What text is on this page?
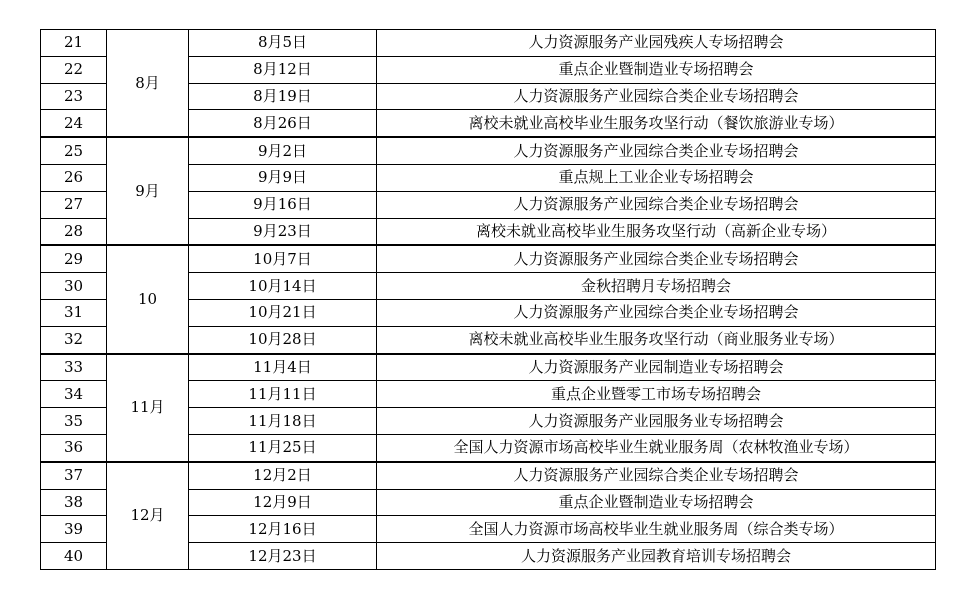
21	8月	8月5日	人力资源服务产业园残疾人专场招聘会
22		8月12日	重点企业暨制造业专场招聘会
23		8月19日	人力资源服务产业园综合类企业专场招聘会
24		8月26日	离校未就业高校毕业生服务攻坚行动（餐饮旅游业专场）
25	9月	9月2日	人力资源服务产业园综合类企业专场招聘会
26		9月9日	重点规上工业企业专场招聘会
27		9月16日	人力资源服务产业园综合类企业专场招聘会
28		9月23日	离校未就业高校毕业生服务攻坚行动（高新企业专场）
29	10	10月7日	人力资源服务产业园综合类企业专场招聘会
30		10月14日	金秋招聘月专场招聘会
31		10月21日	人力资源服务产业园综合类企业专场招聘会
32		10月28日	离校未就业高校毕业生服务攻坚行动（商业服务业专场）
33	11月	11月4日	人力资源服务产业园制造业专场招聘会
34		11月11日	重点企业暨零工市场专场招聘会
35		11月18日	人力资源服务产业园服务业专场招聘会
36		11月25日	全国人力资源市场高校毕业生就业服务周（农林牧渔业专场）
37	12月	12月2日	人力资源服务产业园综合类企业专场招聘会
38		12月9日	重点企业暨制造业专场招聘会
39		12月16日	全国人力资源市场高校毕业生就业服务周（综合类专场）
40		12月23日	人力资源服务产业园教育培训专场招聘会
